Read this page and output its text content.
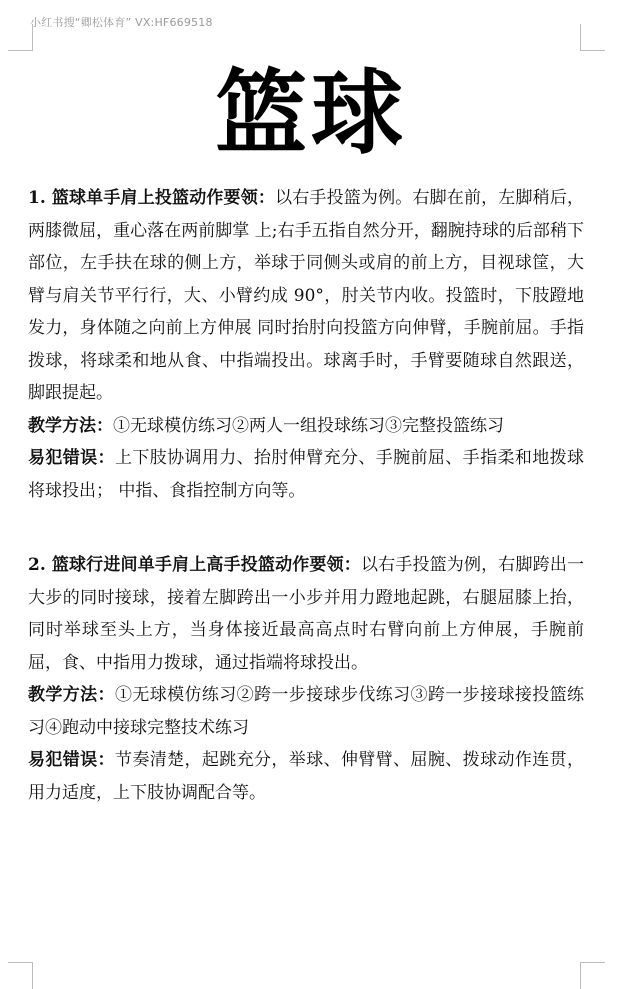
小红书搜“卿松体育” VX:HF669518
篮球

1. 篮球单手肩上投篮动作要领：以右手投篮为例。右脚在前，左脚稍后，两膝微屈，重心落在两前脚掌 上;右手五指自然分开，翻腕持球的后部稍下部位，左手扶在球的侧上方，举球于同侧头或肩的前上方，目视球筐，大臂与肩关节平行行，大、小臂约成 90°，肘关节内收。投篮时，下肢蹬地发力，身体随之向前上方伸展 同时抬肘向投篮方向伸臂，手腕前屈。手指拨球，将球柔和地从食、中指端投出。球离手时，手臂要随球自然跟送，脚跟提起。

教学方法：①无球模仿练习②两人一组投球练习③完整投篮练习

易犯错误：上下肢协调用力、抬肘伸臂充分、手腕前屈、手指柔和地拨球将球投出； 中指、食指控制方向等。

2. 篮球行进间单手肩上高手投篮动作要领：以右手投篮为例，右脚跨出一大步的同时接球，接着左脚跨出一小步并用力蹬地起跳，右腿屈膝上抬，同时举球至头上方，当身体接近最高高点时右臂向前上方伸展，手腕前屈，食、中指用力拨球，通过指端将球投出。

教学方法：①无球模仿练习②跨一步接球步伐练习③跨一步接球接投篮练习④跑动中接球完整技术练习

易犯错误：节奏清楚，起跳充分，举球、伸臂臂、屈腕、拨球动作连贯，用力适度，上下肢协调配合等。
